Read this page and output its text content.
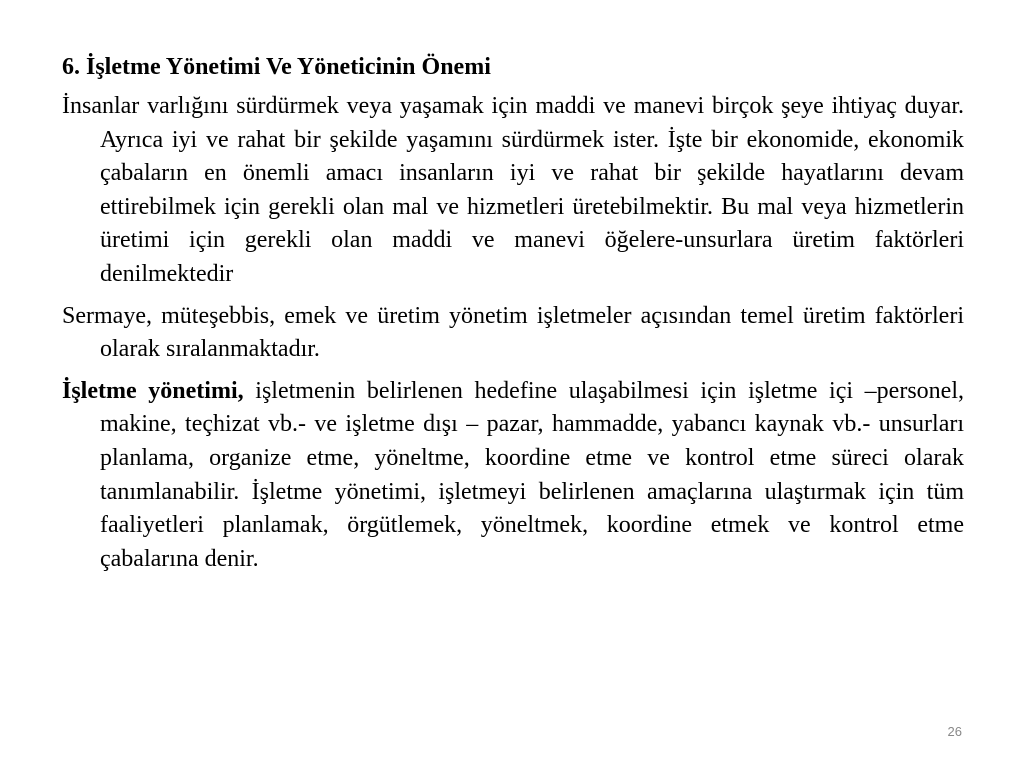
6. İşletme Yönetimi Ve Yöneticinin Önemi

İnsanlar varlığını sürdürmek veya yaşamak için maddi ve manevi birçok şeye ihtiyaç duyar. Ayrıca iyi ve rahat bir şekilde yaşamını sürdürmek ister. İşte bir ekonomide, ekonomik çabaların en önemli amacı insanların iyi ve rahat bir şekilde hayatlarını devam ettirebilmek için gerekli olan mal ve hizmetleri üretebilmektir. Bu mal veya hizmetlerin üretimi için gerekli olan maddi ve manevi öğelere-unsurlara üretim faktörleri denilmektedir

Sermaye, müteşebbis, emek ve üretim yönetim işletmeler açısından temel üretim faktörleri olarak sıralanmaktadır.

İşletme yönetimi, işletmenin belirlenen hedefine ulaşabilmesi için işletme içi –personel, makine, teçhizat vb.- ve işletme dışı – pazar, hammadde, yabancı kaynak vb.- unsurları planlama, organize etme, yöneltme, koordine etme ve kontrol etme süreci olarak tanımlanabilir. İşletme yönetimi, işletmeyi belirlenen amaçlarına ulaştırmak için tüm faaliyetleri planlamak, örgütlemek, yöneltmek, koordine etmek ve kontrol etme çabalarına denir.

26
